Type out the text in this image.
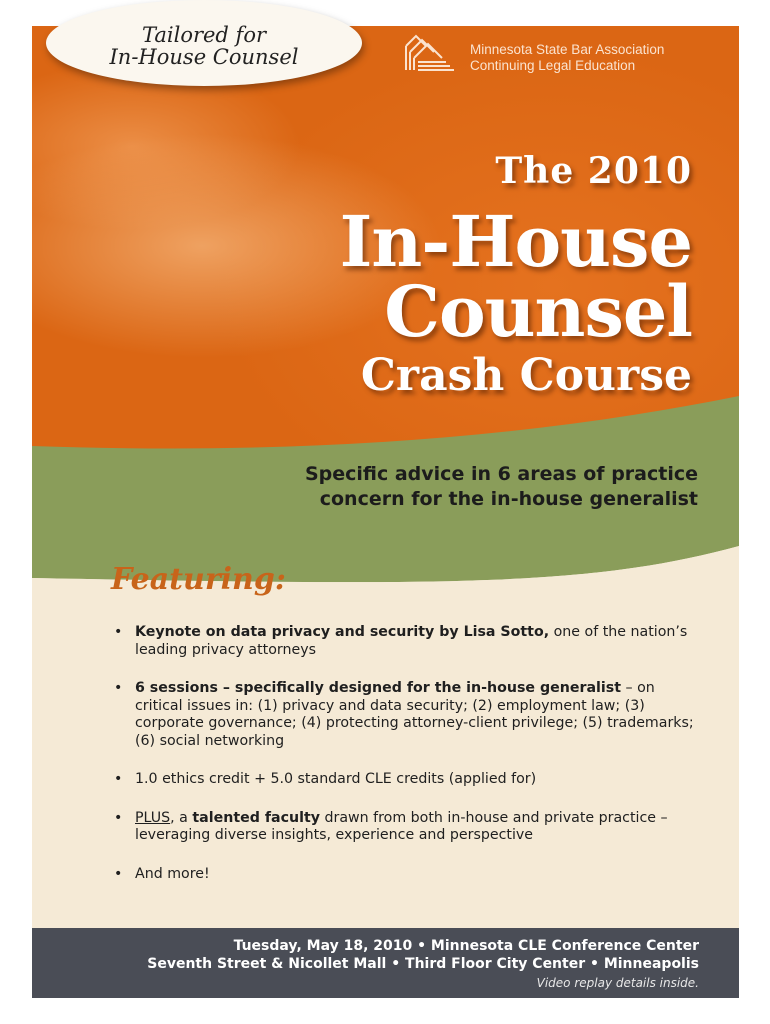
Tailored for
In-House Counsel	Minnesota State Bar Association
Continuing Legal Education
The 2010
In-House
Counsel
Crash Course
Specific advice in 6 areas of practice
concern for the in-house generalist
Featuring:
• Keynote on data privacy and security by Lisa Sotto, one of the nation’s leading privacy attorneys
• 6 sessions – specifically designed for the in-house generalist – on critical issues in: (1) privacy and data security; (2) employment law; (3) corporate governance; (4) protecting attorney-client privilege; (5) trademarks; (6) social networking
• 1.0 ethics credit + 5.0 standard CLE credits (applied for)
• PLUS, a talented faculty drawn from both in-house and private practice – leveraging diverse insights, experience and perspective
• And more!
Tuesday, May 18, 2010 • Minnesota CLE Conference Center
Seventh Street & Nicollet Mall • Third Floor City Center • Minneapolis
Video replay details inside.
